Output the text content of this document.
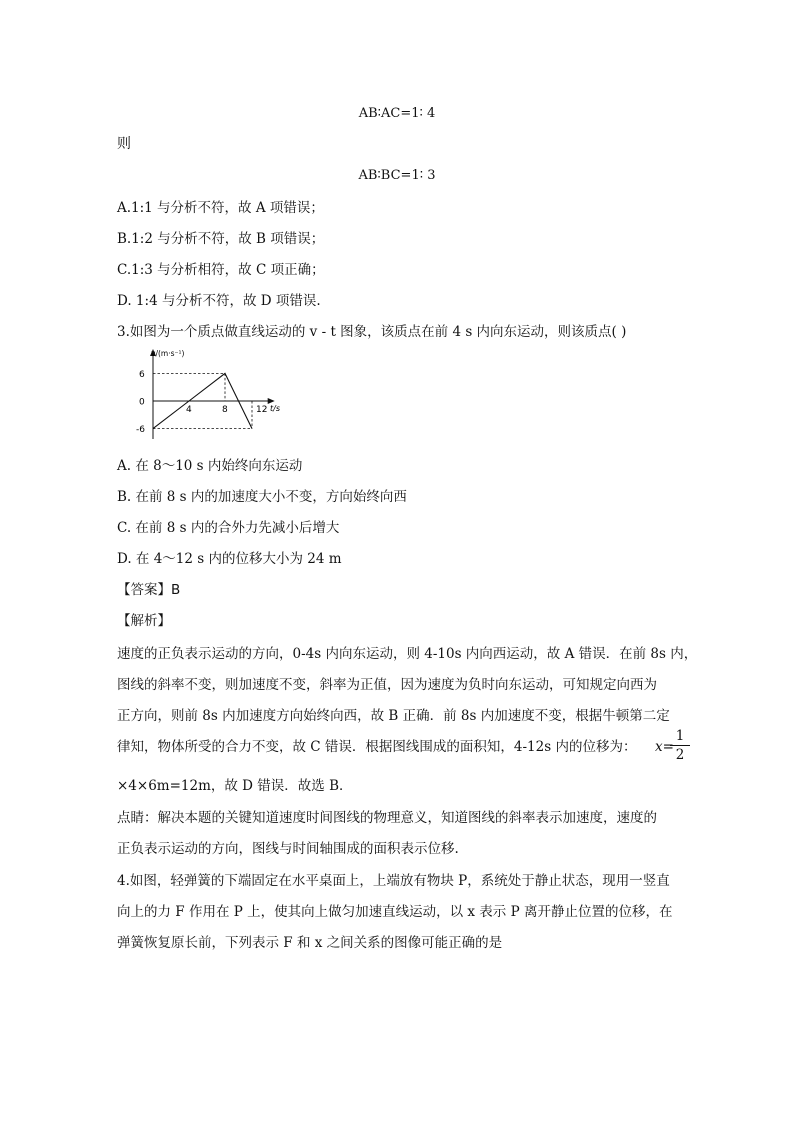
AB∶AC=1∶ 4
则
AB∶BC=1∶ 3
A.1:1 与分析不符，故 A 项错误；
B.1:2 与分析不符，故 B 项错误；
C.1:3 与分析相符，故 C 项正确；
D. 1:4 与分析不符，故 D 项错误.
3.如图为一个质点做直线运动的 v - t 图象，该质点在前 4 s 内向东运动，则该质点( )
v/(m·s⁻¹)
t/s
6
0
-6
4	8	12
A. 在 8～10 s 内始终向东运动
B. 在前 8 s 内的加速度大小不变，方向始终向西
C. 在前 8 s 内的合外力先减小后增大
D. 在 4～12 s 内的位移大小为 24 m
【答案】B
【解析】
速度的正负表示运动的方向，0-4s 内向东运动，则 4-10s 内向西运动，故 A 错误．在前 8s 内，
图线的斜率不变，则加速度不变，斜率为正值，因为速度为负时向东运动，可知规定向西为
正方向，则前 8s 内加速度方向始终向西，故 B 正确．前 8s 内加速度不变，根据牛顿第二定
律知，物体所受的合力不变，故 C 错误．根据图线围成的面积知，4-12s 内的位移为： x=
1
2
×4×6m=12m，故 D 错误．故选 B．
点睛：解决本题的关键知道速度时间图线的物理意义，知道图线的斜率表示加速度，速度的
正负表示运动的方向，图线与时间轴围成的面积表示位移.
4.如图，轻弹簧的下端固定在水平桌面上，上端放有物块 P，系统处于静止状态，现用一竖直
向上的力 F 作用在 P 上，使其向上做匀加速直线运动，以 x 表示 P 离开静止位置的位移，在
弹簧恢复原长前，下列表示 F 和 x 之间关系的图像可能正确的是
